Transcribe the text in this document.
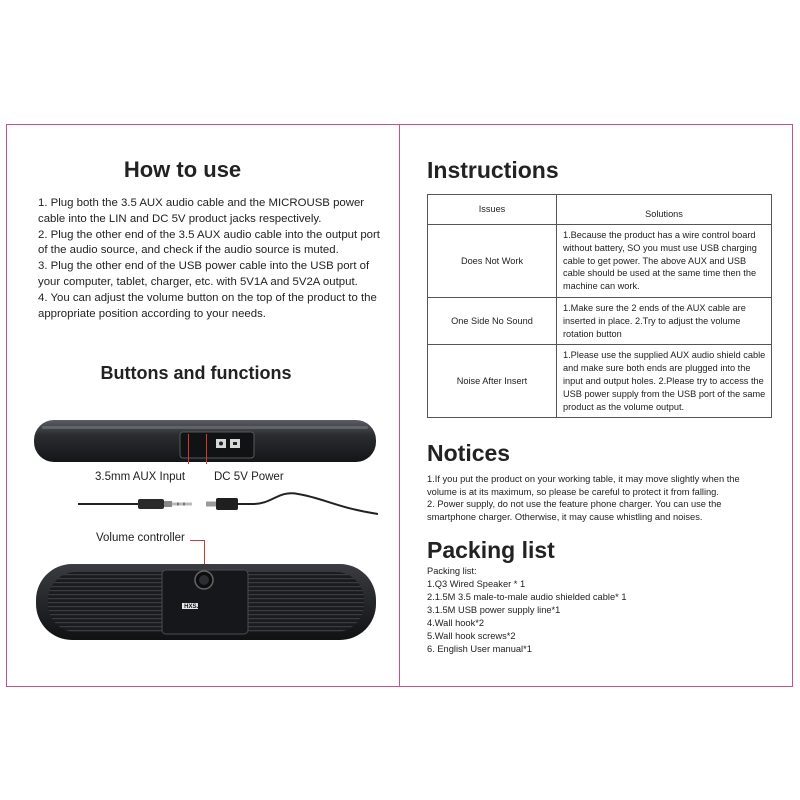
How to use
1. Plug both the 3.5 AUX audio cable and the MICROUSB power cable into the LIN and DC 5V product jacks respectively.
2. Plug the other end of the 3.5 AUX audio cable into the output port of the audio source, and check if the audio source is muted.
3. Plug the other end of the USB power cable into the USB port of your computer, tablet, charger, etc. with 5V1A and 5V2A output.
4. You can adjust the volume button on the top of the product to the appropriate position according to your needs.
Buttons and functions
3.5mm AUX Input	DC 5V Power
Volume controller
HXSJ
Instructions
Issues	Solutions
Does Not Work	1.Because the product has a wire control board without battery, SO you must use USB charging cable to get power. The above AUX and USB cable should be used at the same time then the machine can work.
One Side No Sound	1.Make sure the 2 ends of the AUX cable are inserted in place. 2.Try to adjust the volume rotation button
Noise After Insert	1.Please use the supplied AUX audio shield cable and make sure both ends are plugged into the input and output holes. 2.Please try to access the USB power supply from the USB port of the same product as the volume output.
Notices
1.If you put the product on your working table, it may move slightly when the volume is at its maximum, so please be careful to protect it from falling.
2. Power supply, do not use the feature phone charger. You can use the smartphone charger. Otherwise, it may cause whistling and noises.
Packing list
Packing list:
1.Q3 Wired Speaker * 1
2.1.5M 3.5 male-to-male audio shielded cable* 1
3.1.5M USB power supply line*1
4.Wall hook*2
5.Wall hook screws*2
6. English User manual*1
